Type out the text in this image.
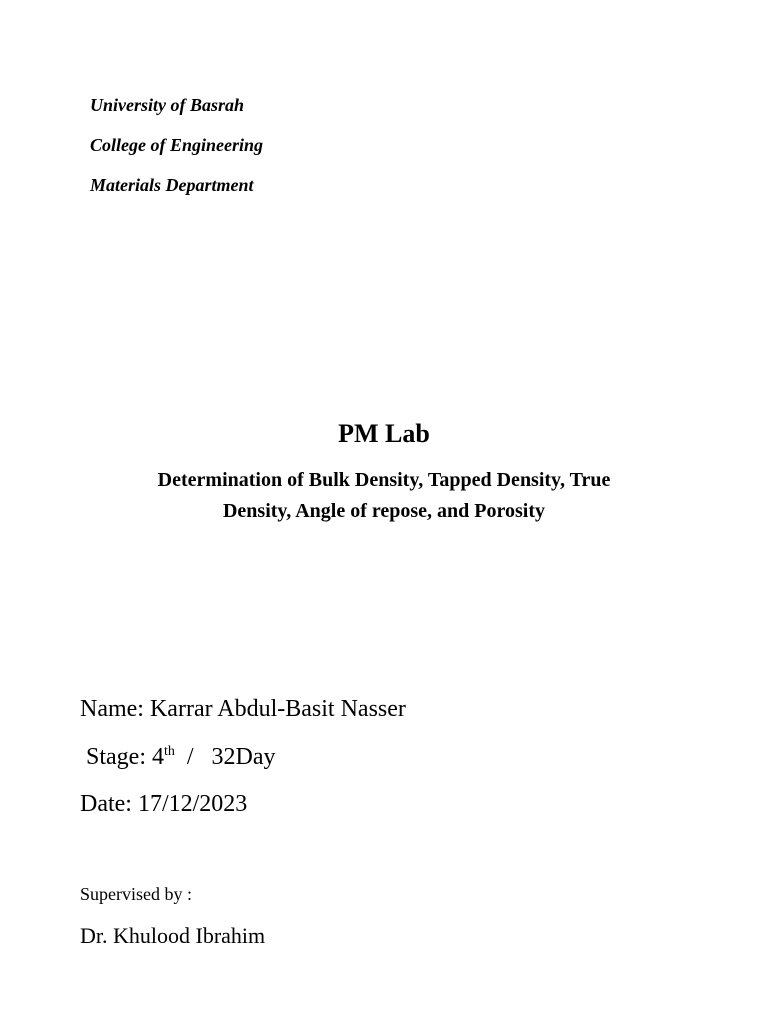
University of Basrah
College of Engineering
Materials Department
PM Lab
Determination of Bulk Density, Tapped Density, True
Density, Angle of repose, and Porosity
Name: Karrar Abdul-Basit Nasser
Stage: 4th  /   32Day
Date: 17/12/2023
Supervised by :
Dr. Khulood Ibrahim
